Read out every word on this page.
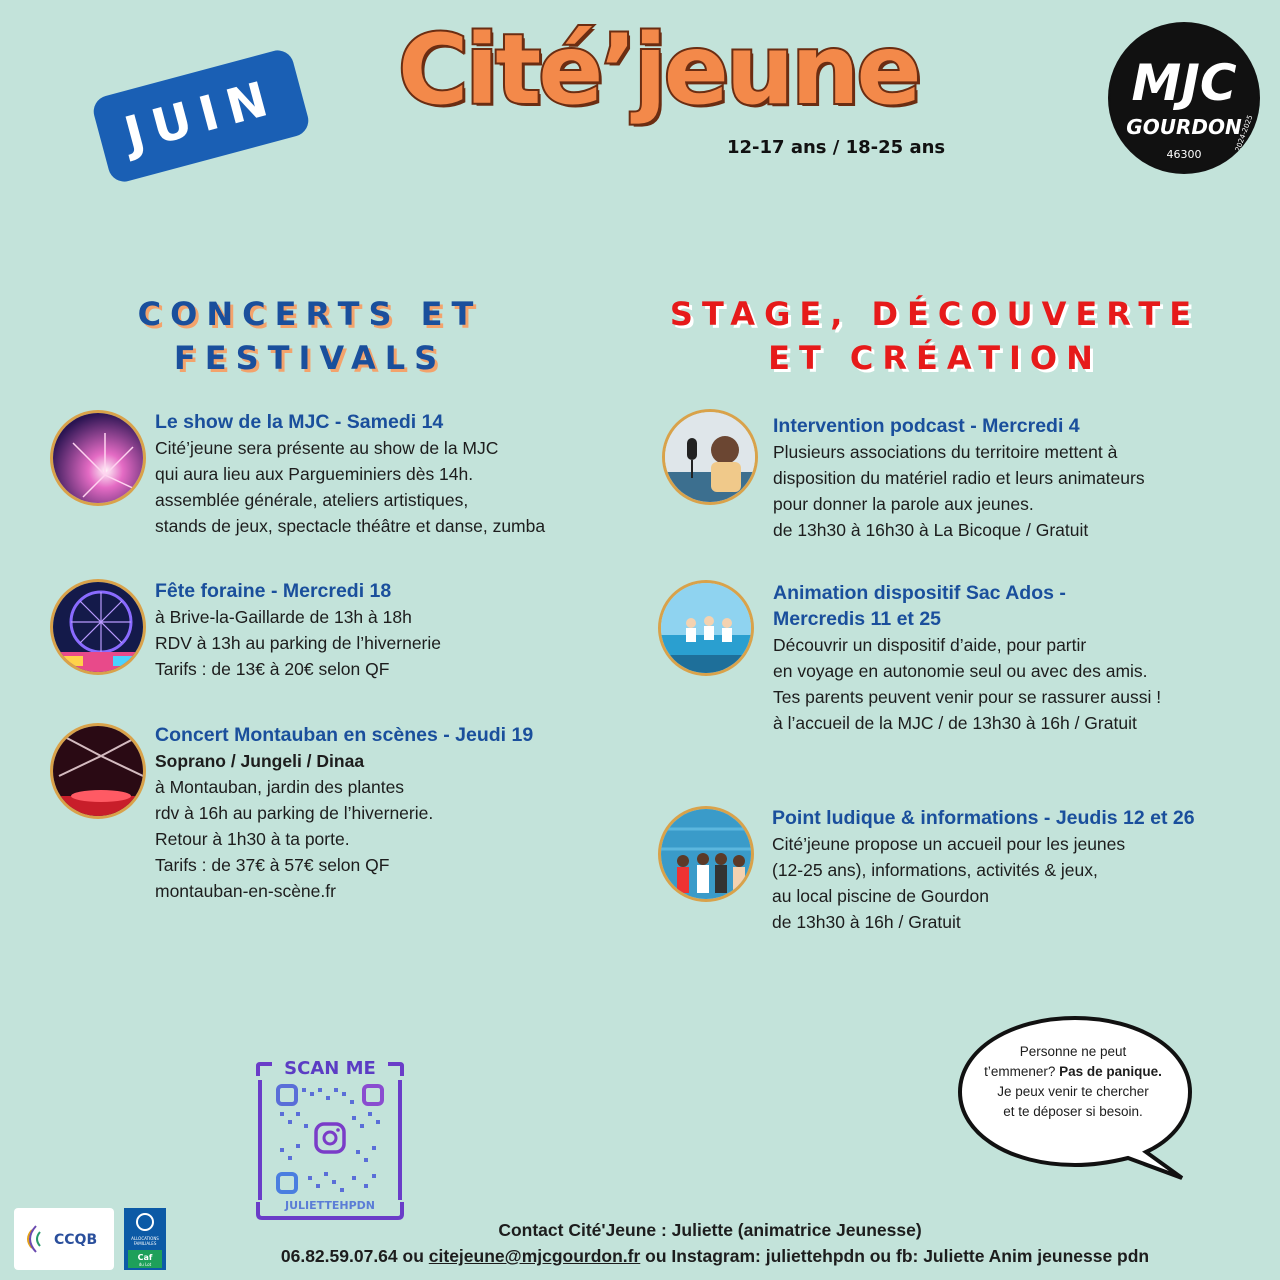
JUIN Cité’jeune
12-17 ans / 18-25 ans
MJC
GOURDON
46300
2024-2025
CONCERTS ET
FESTIVALS
STAGE, DÉCOUVERTE
ET CRÉATION
Le show de la MJC - Samedi 14
Cité’jeune sera présente au show de la MJC
qui aura lieu aux Pargueminiers dès 14h.
assemblée générale, ateliers artistiques,
stands de jeux, spectacle théâtre et danse, zumba
Fête foraine - Mercredi 18
à Brive-la-Gaillarde de 13h à 18h
RDV à 13h au parking de l’hivernerie
Tarifs : de 13€ à 20€ selon QF
Concert Montauban en scènes - Jeudi 19
Soprano / Jungeli / Dinaa
à Montauban, jardin des plantes
rdv à 16h au parking de l’hivernerie.
Retour à 1h30 à ta porte.
Tarifs : de 37€ à 57€ selon QF
montauban-en-scène.fr
Intervention podcast - Mercredi 4
Plusieurs associations du territoire mettent à
disposition du matériel radio et leurs animateurs
pour donner la parole aux jeunes.
de 13h30 à 16h30 à La Bicoque / Gratuit
Animation dispositif Sac Ados -
Mercredis 11 et 25
Découvrir un dispositif d’aide, pour partir
en voyage en autonomie seul ou avec des amis.
Tes parents peuvent venir pour se rassurer aussi !
à l’accueil de la MJC / de 13h30 à 16h / Gratuit
Point ludique & informations - Jeudis 12 et 26
Cité’jeune propose un accueil pour les jeunes
(12-25 ans), informations, activités & jeux,
au local piscine de Gourdon
de 13h30 à 16h / Gratuit
Personne ne peut
t’emmener? Pas de panique.
Je peux venir te chercher
et te déposer si besoin.
SCAN ME
JULIETTEHPDN
CCQB	ALLOCATIONS
FAMILIALES
Caf
du Lot
Contact Cité'Jeune : Juliette (animatrice Jeunesse)
06.82.59.07.64 ou citejeune@mjcgourdon.fr ou Instagram: juliettehpdn ou fb: Juliette Anim jeunesse pdn
